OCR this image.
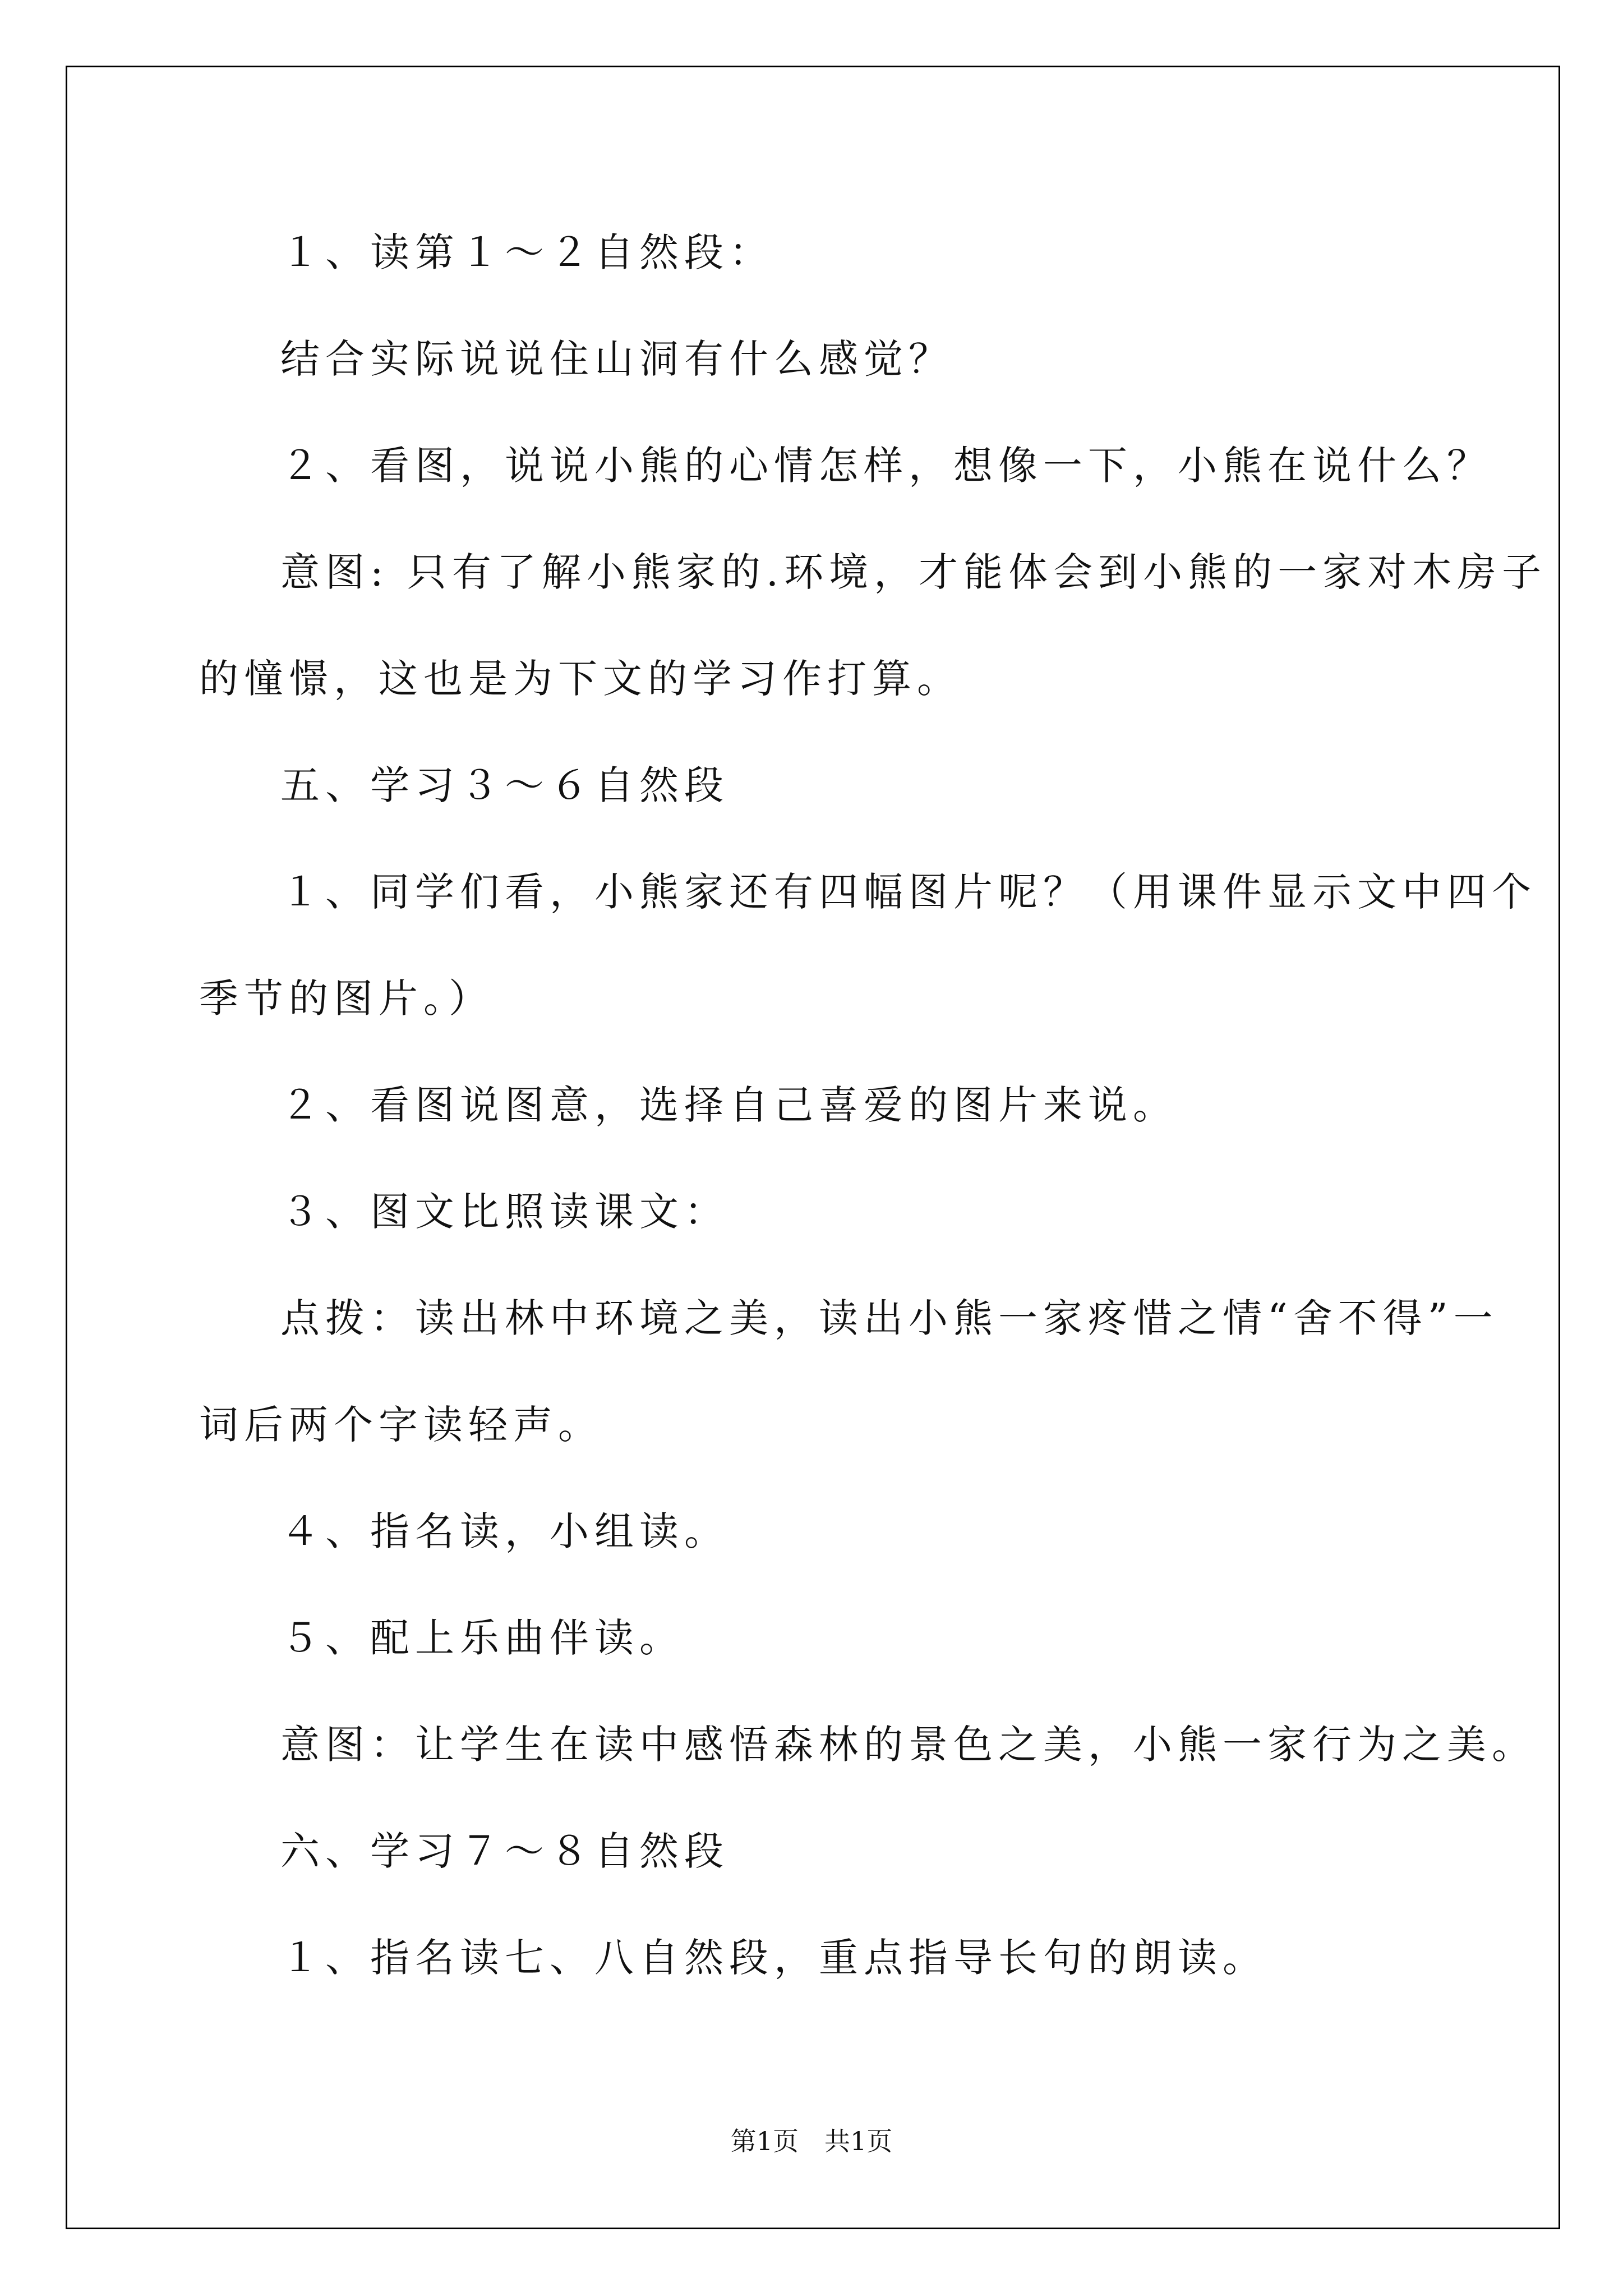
１、读第１～２自然段：
结合实际说说住山洞有什么感觉？
２、看图，说说小熊的心情怎样，想像一下，小熊在说什么？
意图: 只有了解小熊家的.环境，才能体会到小熊的一家对木房子
的憧憬，这也是为下文的学习作打算。
五、学习３～６自然段
１、同学们看，小熊家还有四幅图片呢？（用课件显示文中四个
季节的图片。）
２、看图说图意，选择自己喜爱的图片来说。
３、图文比照读课文：
点拨：读出林中环境之美，读出小熊一家疼惜之情“舍不得”一
词后两个字读轻声。
４、指名读，小组读。
５、配上乐曲伴读。
意图：让学生在读中感悟森林的景色之美，小熊一家行为之美。
六、学习７～８自然段
１、指名读七、八自然段，重点指导长句的朗读。
第1页　共1页
